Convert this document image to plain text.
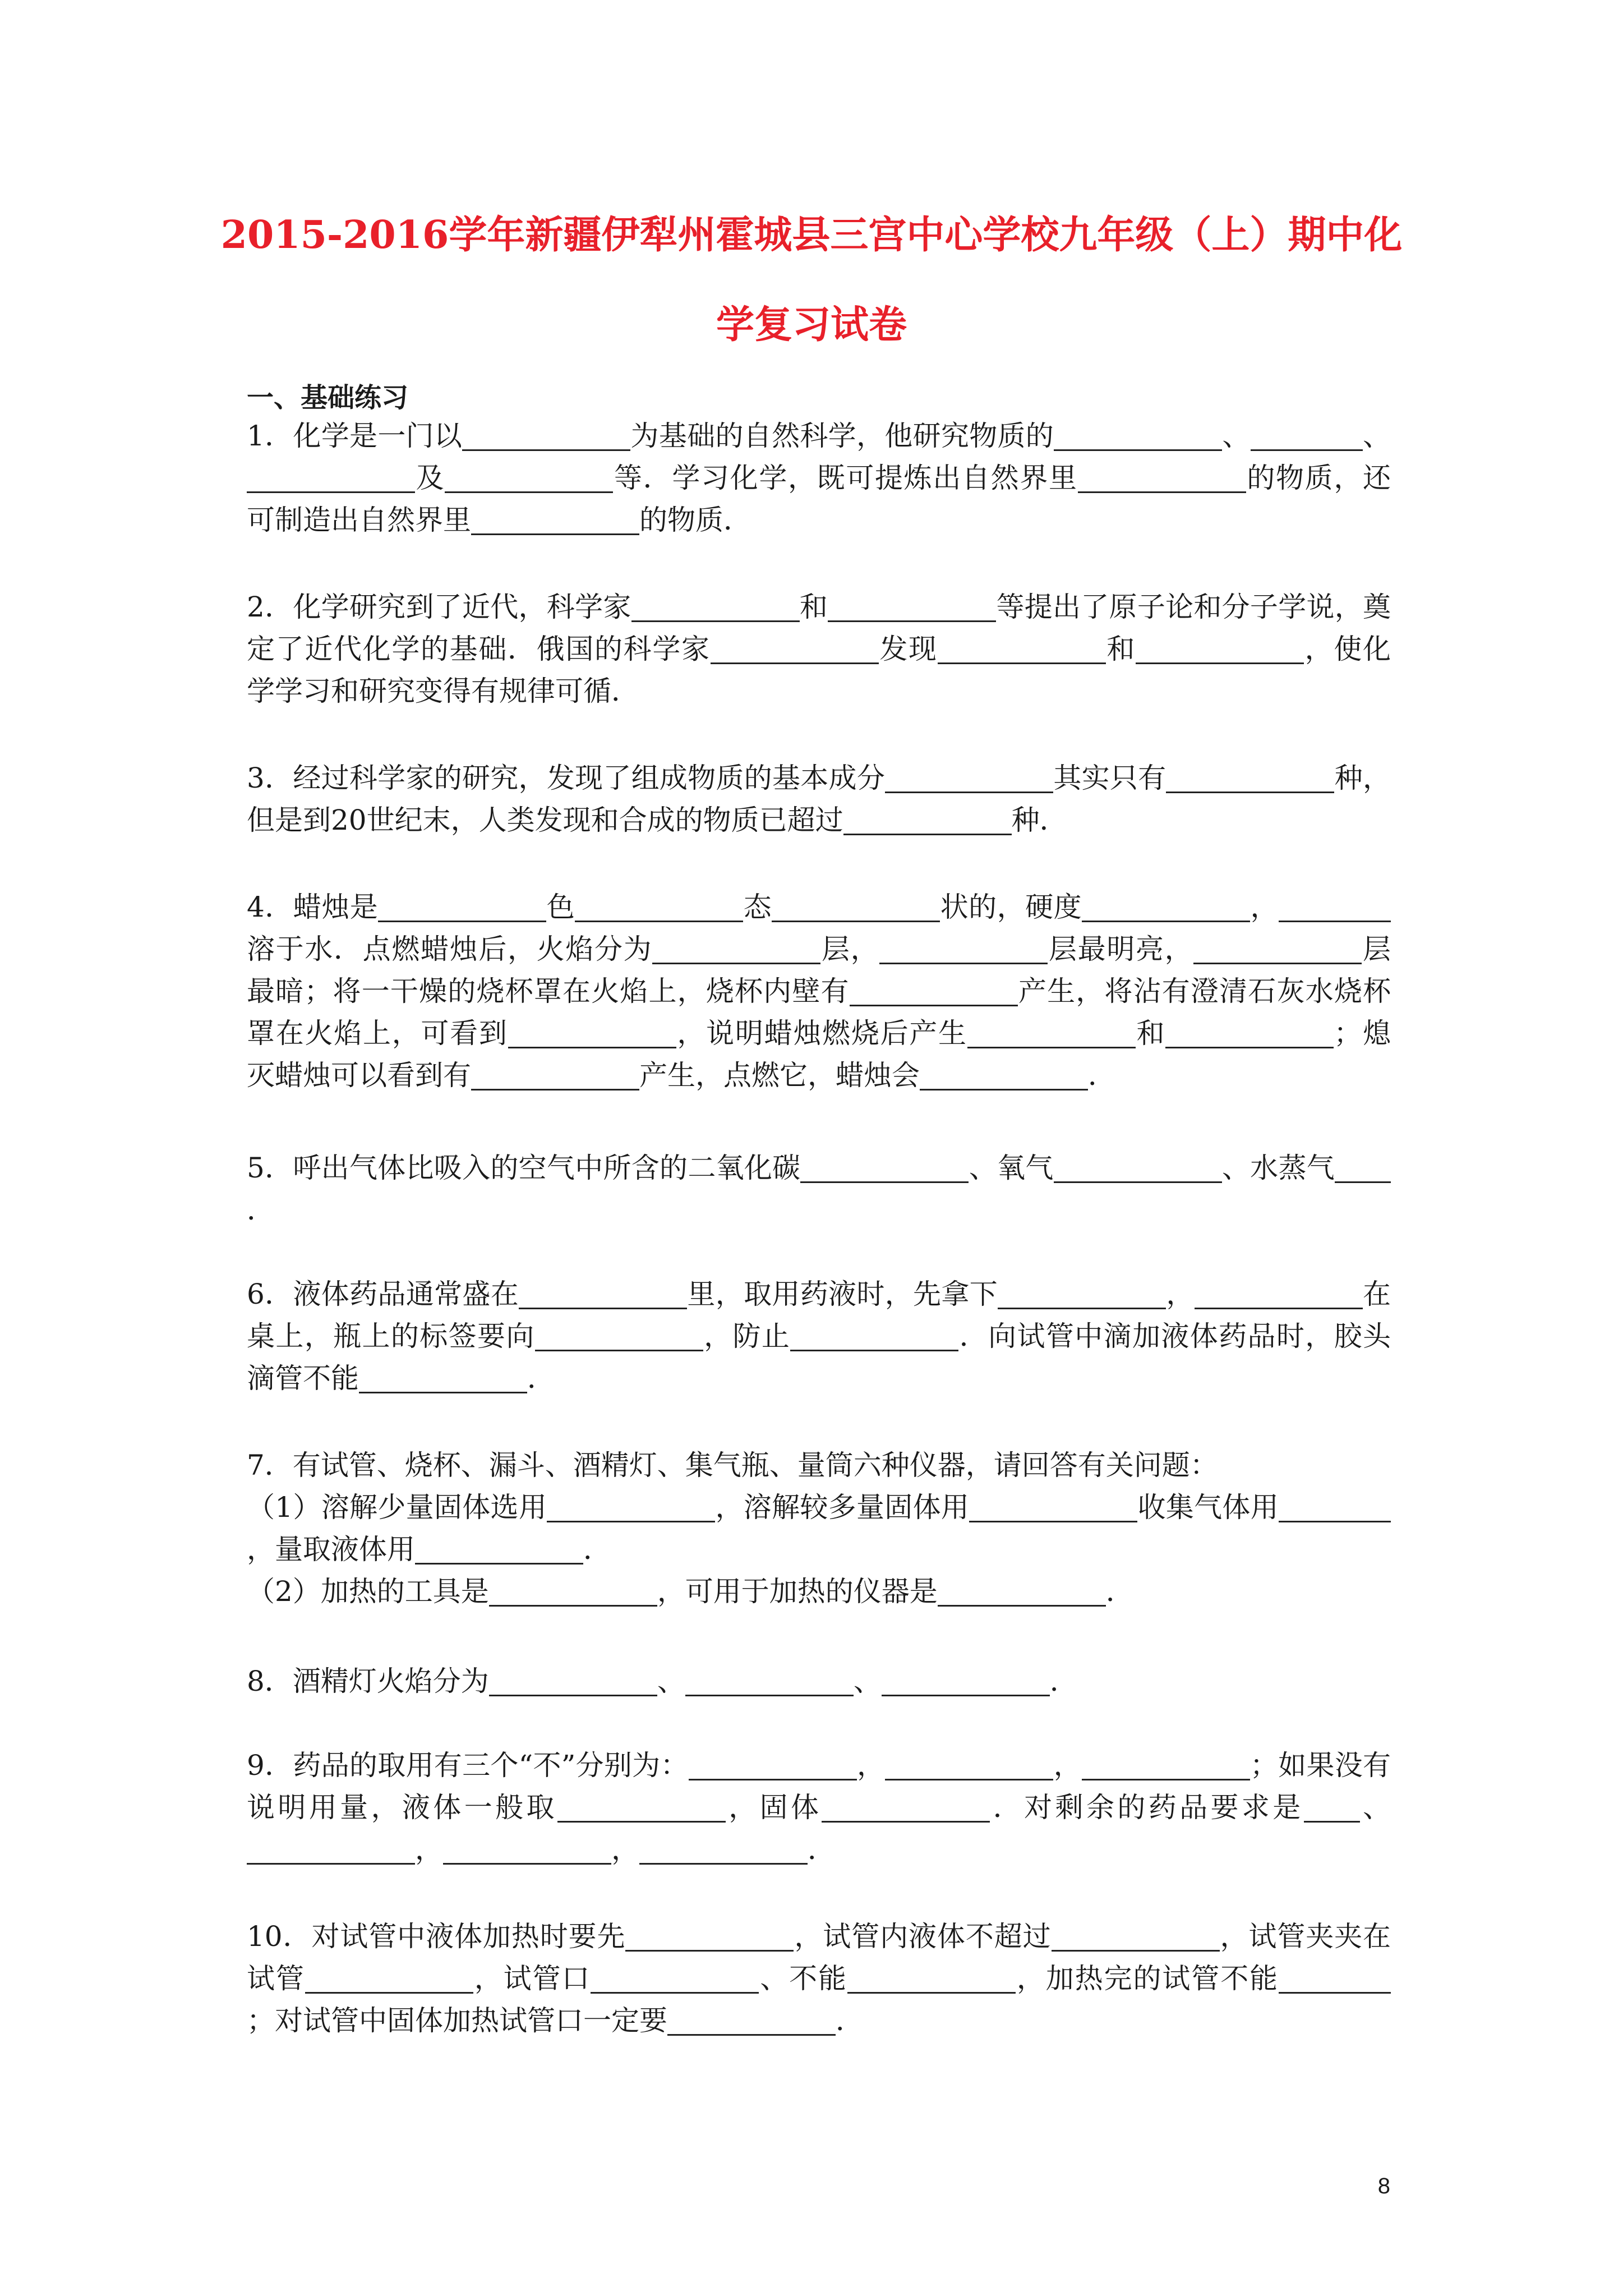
2015-2016学年新疆伊犁州霍城县三宫中心学校九年级（上）期中化
学复习试卷
一、基础练习

1．化学是一门以	为基础的自然科学，他研究物质的	、	、及	等．学习化学，既可提炼出自然界里	的物质，还可制造出自然界里	的物质．

2．化学研究到了近代，科学家	和	等提出了原子论和分子学说，奠定了近代化学的基础．俄国的科学家	发现	和	，使化学学习和研究变得有规律可循．

3．经过科学家的研究，发现了组成物质的基本成分	其实只有	种，但是到20世纪末，人类发现和合成的物质已超过	种．

4．蜡烛是	色	态	状的，硬度	，溶于水．点燃蜡烛后，火焰分为	层，	层最明亮，	层最暗；将一干燥的烧杯罩在火焰上，烧杯内壁有	产生，将沾有澄清石灰水烧杯罩在火焰上，可看到	，说明蜡烛燃烧后产生	和	；熄灭蜡烛可以看到有	产生，点燃它，蜡烛会	．

5．呼出气体比吸入的空气中所含的二氧化碳	、氧气	、水蒸气．

6．液体药品通常盛在	里，取用药液时，先拿下	，	在桌上，瓶上的标签要向	，防止	．向试管中滴加液体药品时，胶头滴管不能	．

7．有试管、烧杯、漏斗、酒精灯、集气瓶、量筒六种仪器，请回答有关问题：

（1）溶解少量固体选用	，溶解较多量固体用	收集气体用，量取液体用	．

（2）加热的工具是	，可用于加热的仪器是	．

8．酒精灯火焰分为	、	、	．

9．药品的取用有三个“不”分别为：	，	，	；如果没有说明用量，液体一般取	，固体	．对剩余的药品要求是 、，	，	．

10．对试管中液体加热时要先	，试管内液体不超过	，试管夹夹在试管	，试管口	、不能	，加热完的试管不能；对试管中固体加热试管口一定要	．

8
